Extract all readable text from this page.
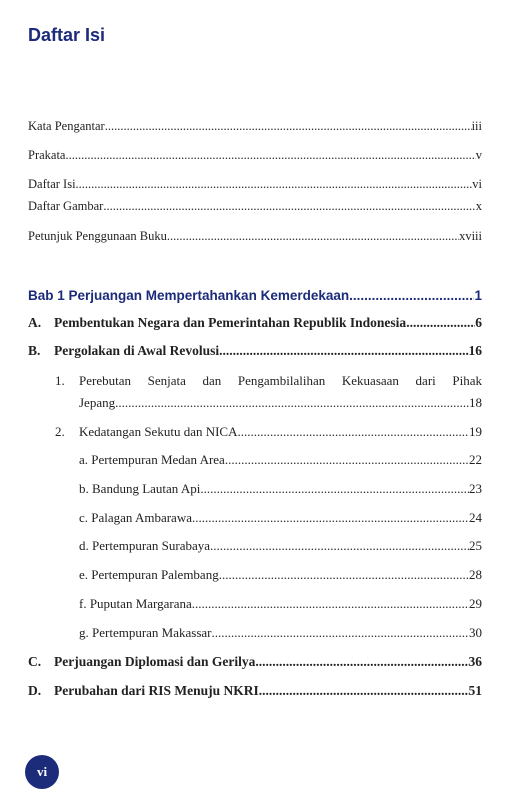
Daftar Isi
Kata Pengantar .....	iii
Prakata .....	v
Daftar Isi .....	vi
Daftar Gambar .....	x
Petunjuk Penggunaan Buku .....	xviii
Bab 1 Perjuangan Mempertahankan Kemerdekaan .....	1
A. Pembentukan Negara dan Pemerintahan Republik Indonesia .....	6
B. Pergolakan di Awal Revolusi .....	16
1.	Perebutan Senjata dan Pengambilalihan Kekuasaan dari Pihak
Jepang .....	18
2. Kedatangan Sekutu dan NICA .....	19
a. Pertempuran Medan Area .....	22
b. Bandung Lautan Api .....	23
c. Palagan Ambarawa .....	24
d. Pertempuran Surabaya .....	25
e. Pertempuran Palembang .....	28
f. Puputan Margarana .....	29
g. Pertempuran Makassar .....	30
C. Perjuangan Diplomasi dan Gerilya .....	36
D. Perubahan dari RIS Menuju NKRI .....	51
vi
